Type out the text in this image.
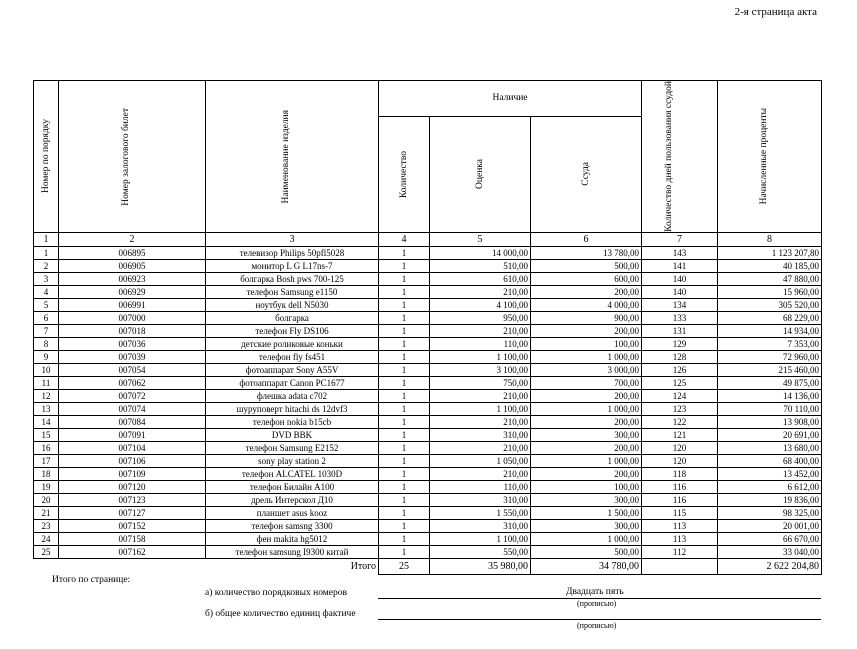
2-я страница акта
Номер по порядку	Номер залогового билет	Наименование изделия	Наличие			Количество дней пользования ссудой	Начисленные проценты

			Количество	Оценка	Ссуда		

1	2	3	4	5	6	7	8
1	006895	телевизор Philips 50pfl5028	1	14 000,00	13 780,00	143	1 123 207,80
2	006905	монитор L G L17ns-7	1	510,00	500,00	141	40 185,00
3	006923	болгарка Bosh pws 700-125	1	610,00	600,00	140	47 880,00
4	006929	телефон Samsung e1150	1	210,00	200,00	140	15 960,00
5	006991	ноутбук dell N5030	1	4 100,00	4 000,00	134	305 520,00
6	007000	болгарка	1	950,00	900,00	133	68 229,00
7	007018	телефон Fly DS106	1	210,00	200,00	131	14 934,00
8	007036	детские роликовые коньки	1	110,00	100,00	129	7 353,00
9	007039	телефон fly fs451	1	1 100,00	1 000,00	128	72 960,00
10	007054	фотоаппарат Sony A55V	1	3 100,00	3 000,00	126	215 460,00
11	007062	фотоаппарат Canon PC1677	1	750,00	700,00	125	49 875,00
12	007072	флешка adata c702	1	210,00	200,00	124	14 136,00
13	007074	шуруповерт hitachi ds 12dvf3	1	1 100,00	1 000,00	123	70 110,00
14	007084	телефон nokia b15cb	1	210,00	200,00	122	13 908,00
15	007091	DVD BBK	1	310,00	300,00	121	20 691,00
16	007104	телефон Samsung E2152	1	210,00	200,00	120	13 680,00
17	007106	sony play station 2	1	1 050,00	1 000,00	120	68 400,00
18	007109	телефон ALCATEL 1030D	1	210,00	200,00	118	13 452,00
19	007120	телефон Билайн A100	1	110,00	100,00	116	6 612,00
20	007123	дрель Интерскол Д10	1	310,00	300,00	116	19 836,00
21	007127	планшет asus kooz	1	1 550,00	1 500,00	115	98 325,00
23	007152	телефон samsng 3300	1	310,00	300,00	113	20 001,00
24	007158	фен makita hg5012	1	1 100,00	1 000,00	113	66 670,00
25	007162	телефон samsung I9300 китай	1	550,00	500,00	112	33 040,00
Итого			25	35 980,00	34 780,00		2 622 204,80
Итого по странице:
а) количество порядковых номеров	Двадцать пять
(прописью)
б) общее количество единиц фактиче
(прописью)
